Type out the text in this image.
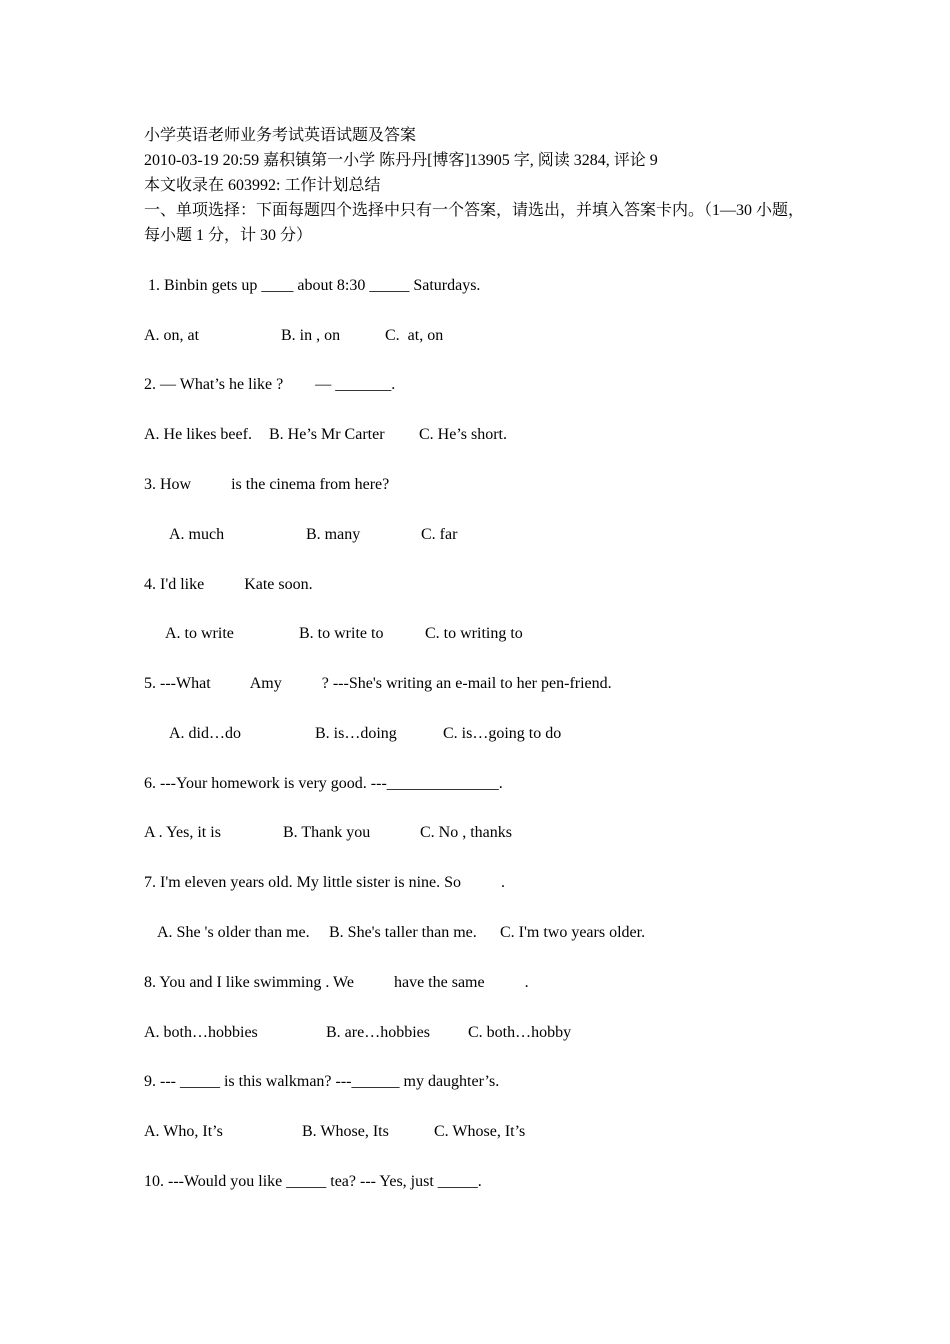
小学英语老师业务考试英语试题及答案
2010-03-19 20:59 嘉积镇第一小学 陈丹丹[博客]13905 字, 阅读 3284, 评论 9
本文收录在 603992: 工作计划总结
一、单项选择：下面每题四个选择中只有一个答案，请选出，并填入答案卡内。（1—30 小题，每小题 1 分，计 30 分）
1. Binbin gets up ____ about 8:30 _____ Saturdays.
A. on, at	B. in , on	C.  at, on
2. — What’s he like ?        — _______.
A. He likes beef. B. He’s Mr Carter C. He’s short.
3. How          is the cinema from here?
A. much	B. many	C. far
4. I'd like          Kate soon.
A. to write	B. to write to	C. to writing to
5. ---What          Amy          ? ---She's writing an e-mail to her pen-friend.
A. did…do	B. is…doing	C. is…going to do
6. ---Your homework is very good. ---______________.
A . Yes, it is	B. Thank you	C. No , thanks
7. I'm eleven years old. My little sister is nine. So          .
A. She 's older than me. B. She's taller than me. C. I'm two years older.
8. You and I like swimming . We          have the same          .
A. both…hobbies	B. are…hobbies C. both…hobby
9. --- _____ is this walkman? ---______ my daughter’s.
A. Who, It’s	B. Whose, Its	C. Whose, It’s
10. ---Would you like _____ tea? --- Yes, just _____.
